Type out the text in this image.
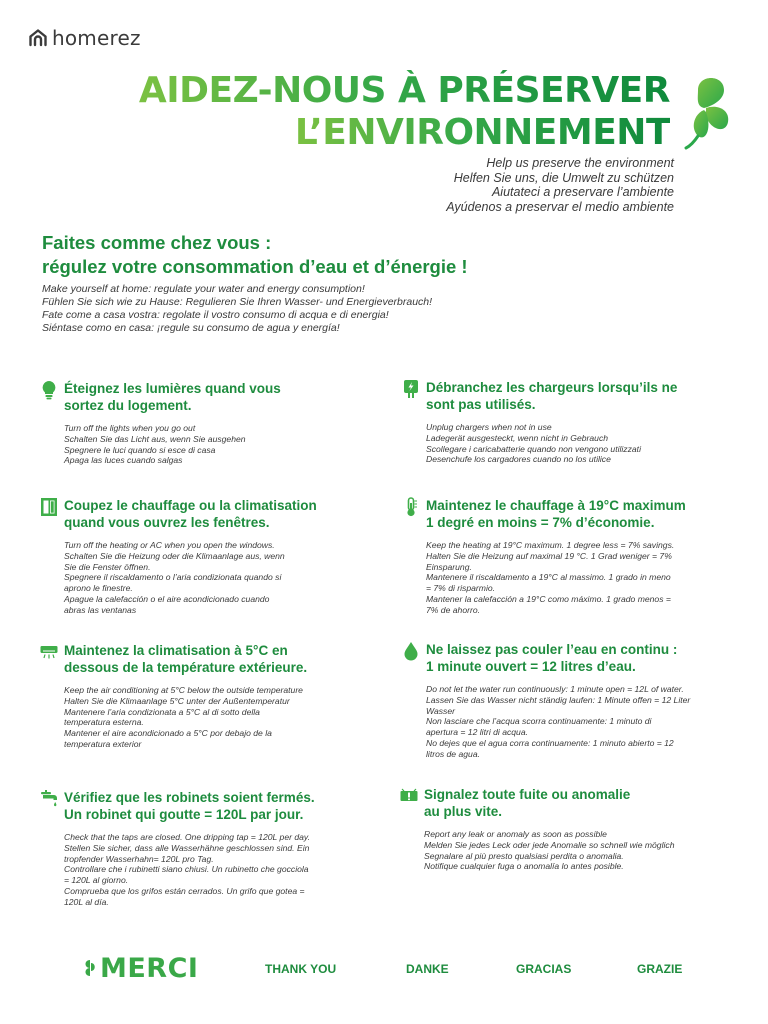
homerez
AIDEZ-NOUS À PRÉSERVER
L’ENVIRONNEMENT
Help us preserve the environment
Helfen Sie uns, die Umwelt zu schützen
Aiutateci a preservare l’ambiente
Ayúdenos a preservar el medio ambiente
Faites comme chez vous :
régulez votre consommation d’eau et d’énergie !
Make yourself at home: regulate your water and energy consumption!
Fühlen Sie sich wie zu Hause: Regulieren Sie Ihren Wasser- und Energieverbrauch!
Fate come a casa vostra: regolate il vostro consumo di acqua e di energia!
Siéntase como en casa: ¡regule su consumo de agua y energía!
Éteignez les lumières quand vous
sortez du logement.
Turn off the lights when you go out
Schalten Sie das Licht aus, wenn Sie ausgehen
Spegnere le luci quando si esce di casa
Apaga las luces cuando salgas
Débranchez les chargeurs lorsqu’ils ne
sont pas utilisés.
Unplug chargers when not in use
Ladegerät ausgesteckt, wenn nicht in Gebrauch
Scollegare i caricabatterie quando non vengono utilizzati
Desenchufe los cargadores cuando no los utilice
Coupez le chauffage ou la climatisation
quand vous ouvrez les fenêtres.
Turn off the heating or AC when you open the windows.
Schalten Sie die Heizung oder die Klimaanlage aus, wenn
Sie die Fenster öffnen.
Spegnere il riscaldamento o l’aria condizionata quando si
aprono le finestre.
Apague la calefacción o el aire acondicionado cuando
abras las ventanas
Maintenez le chauffage à 19°C maximum
1 degré en moins = 7% d’économie.
Keep the heating at 19°C maximum. 1 degree less = 7% savings.
Halten Sie die Heizung auf maximal 19 °C. 1 Grad weniger = 7%
Einsparung.
Mantenere il riscaldamento a 19°C al massimo. 1 grado in meno
= 7% di risparmio.
Mantener la calefacción a 19°C como máximo. 1 grado menos =
7% de ahorro.
Maintenez la climatisation à 5°C en
dessous de la température extérieure.
Keep the air conditioning at 5°C below the outside temperature
Halten Sie die Klimaanlage 5°C unter der Außentemperatur
Mantenere l’aria condizionata a 5°C al di sotto della
temperatura esterna.
Mantener el aire acondicionado a 5°C por debajo de la
temperatura exterior
Ne laissez pas couler l’eau en continu :
1 minute ouvert = 12 litres d’eau.
Do not let the water run continuously: 1 minute open = 12L of water.
Lassen Sie das Wasser nicht ständig laufen: 1 Minute offen = 12 Liter
Wasser
Non lasciare che l’acqua scorra continuamente: 1 minuto di
apertura = 12 litri di acqua.
No dejes que el agua corra continuamente: 1 minuto abierto = 12
litros de agua.
Vérifiez que les robinets soient fermés.
Un robinet qui goutte = 120L par jour.
Check that the taps are closed. One dripping tap = 120L per day.
Stellen Sie sicher, dass alle Wasserhähne geschlossen sind. Ein
tropfender Wasserhahn= 120L pro Tag.
Controllare che i rubinetti siano chiusi. Un rubinetto che gocciola
= 120L al giorno.
Comprueba que los grifos están cerrados. Un grifo que gotea =
120L al día.
Signalez toute fuite ou anomalie
au plus vite.
Report any leak or anomaly as soon as possible
Melden Sie jedes Leck oder jede Anomalie so schnell wie möglich
Segnalare al più presto qualsiasi perdita o anomalia.
Notifique cualquier fuga o anomalía lo antes posible.
MERCI	THANK YOU	DANKE	GRACIAS	GRAZIE
